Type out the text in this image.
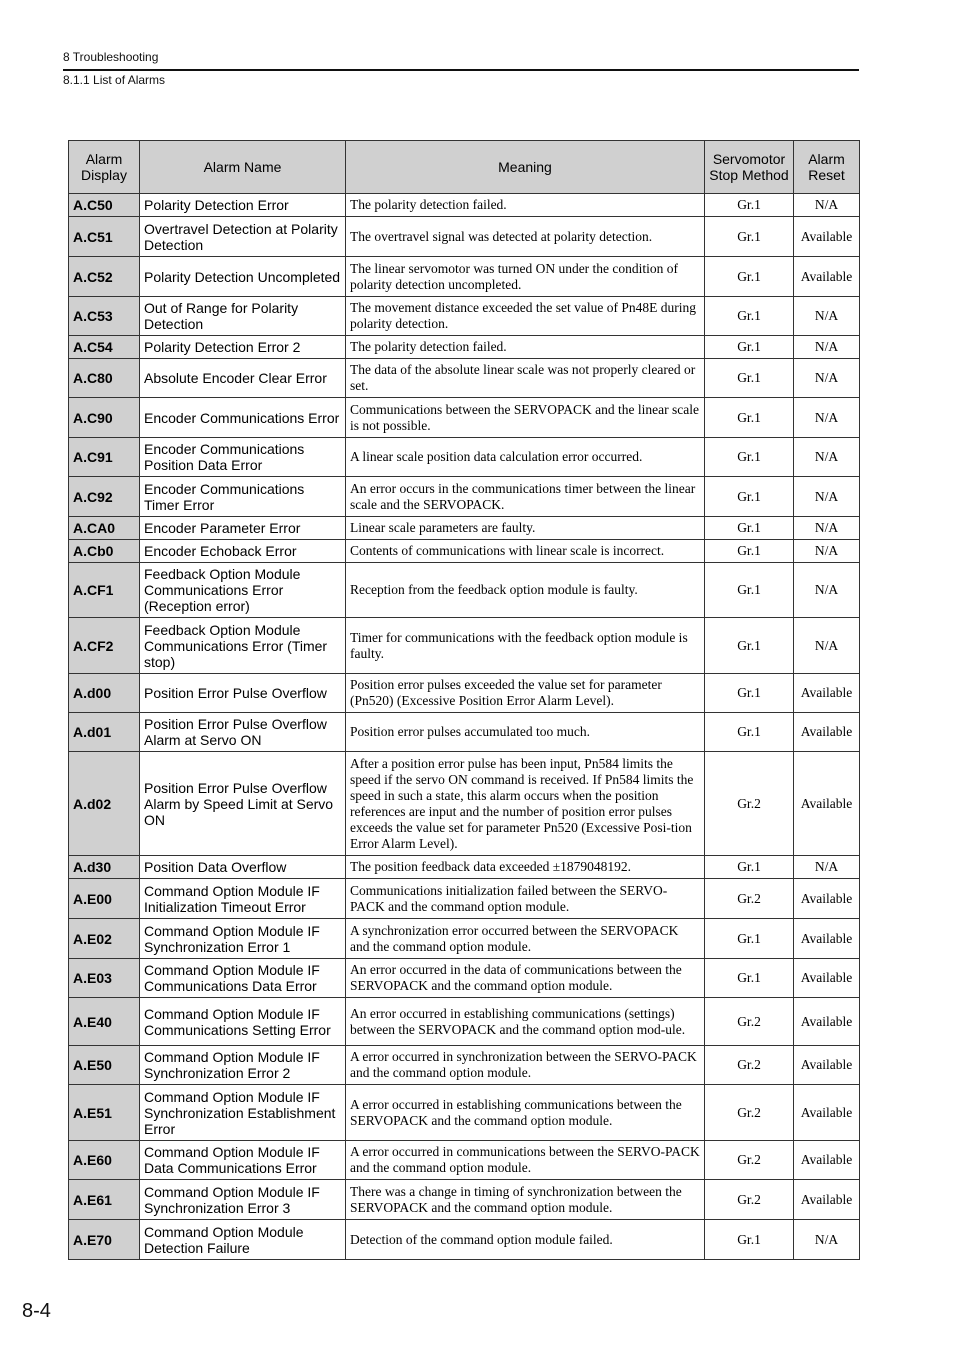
8 Troubleshooting
8.1.1 List of Alarms
Alarm Display	Alarm Name	Meaning	Servomotor Stop Method	Alarm Reset
A.C50	Polarity Detection Error	The polarity detection failed.	Gr.1	N/A
A.C51	Overtravel Detection at Polarity Detection	The overtravel signal was detected at polarity detection.	Gr.1	Available
A.C52	Polarity Detection Uncompleted	The linear servomotor was turned ON under the condition of polarity detection uncompleted.	Gr.1	Available
A.C53	Out of Range for Polarity Detection	The movement distance exceeded the set value of Pn48E during polarity detection.	Gr.1	N/A
A.C54	Polarity Detection Error 2	The polarity detection failed.	Gr.1	N/A
A.C80	Absolute Encoder Clear Error	The data of the absolute linear scale was not properly cleared or set.	Gr.1	N/A
A.C90	Encoder Communications Error	Communications between the SERVOPACK and the linear scale is not possible.	Gr.1	N/A
A.C91	Encoder Communications Position Data Error	A linear scale position data calculation error occurred.	Gr.1	N/A
A.C92	Encoder Communications Timer Error	An error occurs in the communications timer between the linear scale and the SERVOPACK.	Gr.1	N/A
A.CA0	Encoder Parameter Error	Linear scale parameters are faulty.	Gr.1	N/A
A.Cb0	Encoder Echoback Error	Contents of communications with linear scale is incorrect.	Gr.1	N/A
A.CF1	Feedback Option Module Communications Error (Reception error)	Reception from the feedback option module is faulty.	Gr.1	N/A
A.CF2	Feedback Option Module Communications Error (Timer stop)	Timer for communications with the feedback option module is faulty.	Gr.1	N/A
A.d00	Position Error Pulse Overflow	Position error pulses exceeded the value set for parameter (Pn520) (Excessive Position Error Alarm Level).	Gr.1	Available
A.d01	Position Error Pulse Overflow Alarm at Servo ON	Position error pulses accumulated too much.	Gr.1	Available
A.d02	Position Error Pulse Overflow Alarm by Speed Limit at Servo ON	After a position error pulse has been input, Pn584 limits the speed if the servo ON command is received. If Pn584 limits the speed in such a state, this alarm occurs when the position references are input and the number of position error pulses exceeds the value set for parameter Pn520 (Excessive Posi-tion Error Alarm Level).	Gr.2	Available
A.d30	Position Data Overflow	The position feedback data exceeded ±1879048192.	Gr.1	N/A
A.E00	Command Option Module IF Initialization Timeout Error	Communications initialization failed between the SERVO-PACK and the command option module.	Gr.2	Available
A.E02	Command Option Module IF Synchronization Error 1	A synchronization error occurred between the SERVOPACK and the command option module.	Gr.1	Available
A.E03	Command Option Module IF Communications Data Error	An error occurred in the data of communications between the SERVOPACK and the command option module.	Gr.1	Available
A.E40	Command Option Module IF Communications Setting Error	An error occurred in establishing communications (settings) between the SERVOPACK and the command option mod-ule.	Gr.2	Available
A.E50	Command Option Module IF Synchronization Error 2	A error occurred in synchronization between the SERVO-PACK and the command option module.	Gr.2	Available
A.E51	Command Option Module IF Synchronization Establishment Error	A error occurred in establishing communications between the SERVOPACK and the command option module.	Gr.2	Available
A.E60	Command Option Module IF Data Communications Error	A error occurred in communications between the SERVO-PACK and the command option module.	Gr.2	Available
A.E61	Command Option Module IF Synchronization Error 3	There was a change in timing of synchronization between the SERVOPACK and the command option module.	Gr.2	Available
A.E70	Command Option Module Detection Failure	Detection of the command option module failed.	Gr.1	N/A
8-4
